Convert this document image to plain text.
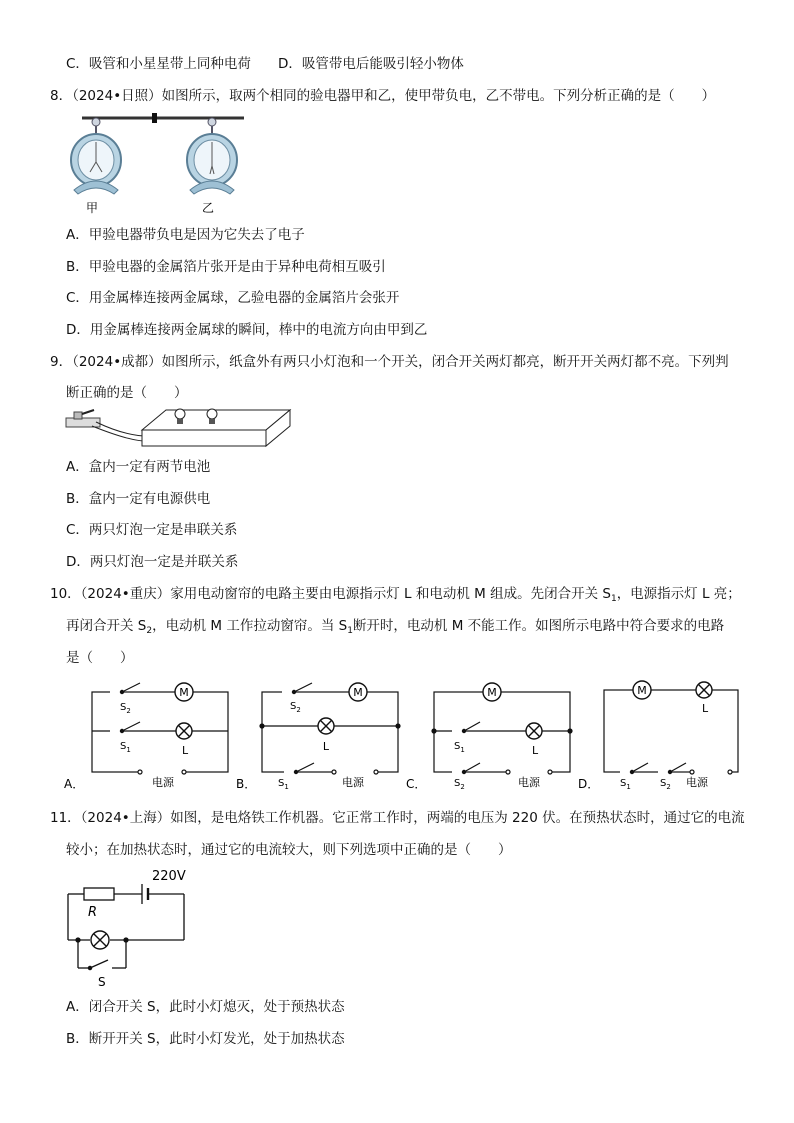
C．吸管和小星星带上同种电荷 D．吸管带电后能吸引轻小物体
8．（2024•日照）如图所示，取两个相同的验电器甲和乙，使甲带负电，乙不带电。下列分析正确的是（　　）
甲	乙
A．甲验电器带负电是因为它失去了电子
B．甲验电器的金属箔片张开是由于异种电荷相互吸引
C．用金属棒连接两金属球，乙验电器的金属箔片会张开
D．用金属棒连接两金属球的瞬间，棒中的电流方向由甲到乙
9．（2024•成都）如图所示，纸盒外有两只小灯泡和一个开关，闭合开关两灯都亮，断开开关两灯都不亮。下列判
断正确的是（　　）
A．盒内一定有两节电池
B．盒内一定有电源供电
C．两只灯泡一定是串联关系
D．两只灯泡一定是并联关系
10．（2024•重庆）家用电动窗帘的电路主要由电源指示灯 L 和电动机 M 组成。先闭合开关 $S_1$，电源指示灯 L 亮；
再闭合开关 $S_2$，电动机 M 工作拉动窗帘。当 $S_1$断开时，电动机 M 不能工作。如图所示电路中符合要求的电路
是（　　）
M
$S_2$
$S_1$	L
电源
A．
M
$S_2$
L
$S_1$	电源
B．
M
$S_1$	L
$S_2$	电源
C．
M
L
$S_1$	$S_2$ 电源
D．
11．（2024•上海）如图，是电烙铁工作机器。它正常工作时，两端的电压为 220 伏。在预热状态时，通过它的电流
较小；在加热状态时，通过它的电流较大，则下列选项中正确的是（　　）
220V
R
S
A．闭合开关 S，此时小灯熄灭，处于预热状态
B．断开开关 S，此时小灯发光，处于加热状态
